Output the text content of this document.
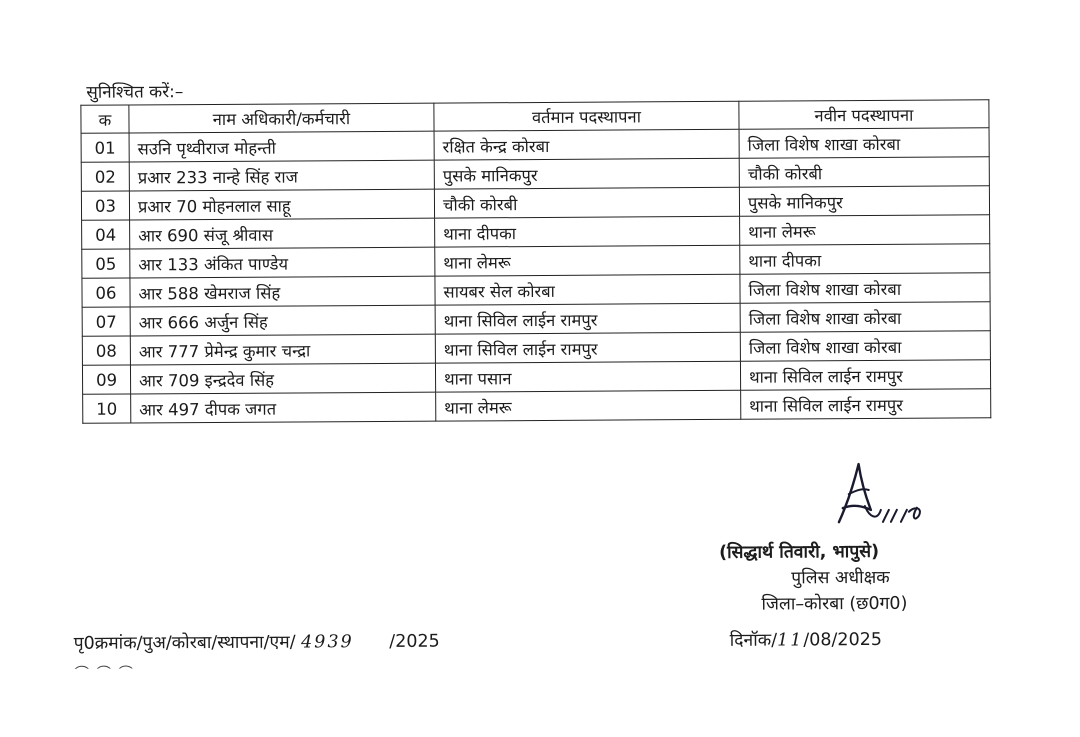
सुनिश्चित करें:–
क	नाम अधिकारी/कर्मचारी	वर्तमान पदस्थापना	नवीन पदस्थापना
01	सउनि पृथ्वीराज मोहन्ती	रक्षित केन्द्र कोरबा	जिला विशेष शाखा कोरबा
02	प्रआर 233 नान्हे सिंह राज	पुसके मानिकपुर	चौकी कोरबी
03	प्रआर 70 मोहनलाल साहू	चौकी कोरबी	पुसके मानिकपुर
04	आर 690 संजू श्रीवास	थाना दीपका	थाना लेमरू
05	आर 133 अंकित पाण्डेय	थाना लेमरू	थाना दीपका
06	आर 588 खेमराज सिंह	सायबर सेल कोरबा	जिला विशेष शाखा कोरबा
07	आर 666 अर्जुन सिंह	थाना सिविल लाईन रामपुर	जिला विशेष शाखा कोरबा
08	आर 777 प्रेमेन्द्र कुमार चन्द्रा	थाना सिविल लाईन रामपुर	जिला विशेष शाखा कोरबा
09	आर 709 इन्द्रदेव सिंह	थाना पसान	थाना सिविल लाईन रामपुर
10	आर 497 दीपक जगत	थाना लेमरू	थाना सिविल लाईन रामपुर
(सिद्धार्थ तिवारी, भापुसे)
पुलिस अधीक्षक
जिला–कोरबा (छ0ग0)
दिनॉक/11/08/2025
पृ0क्रमांक/पुअ/कोरबा/स्थापना/एम/ 4939 /2025
